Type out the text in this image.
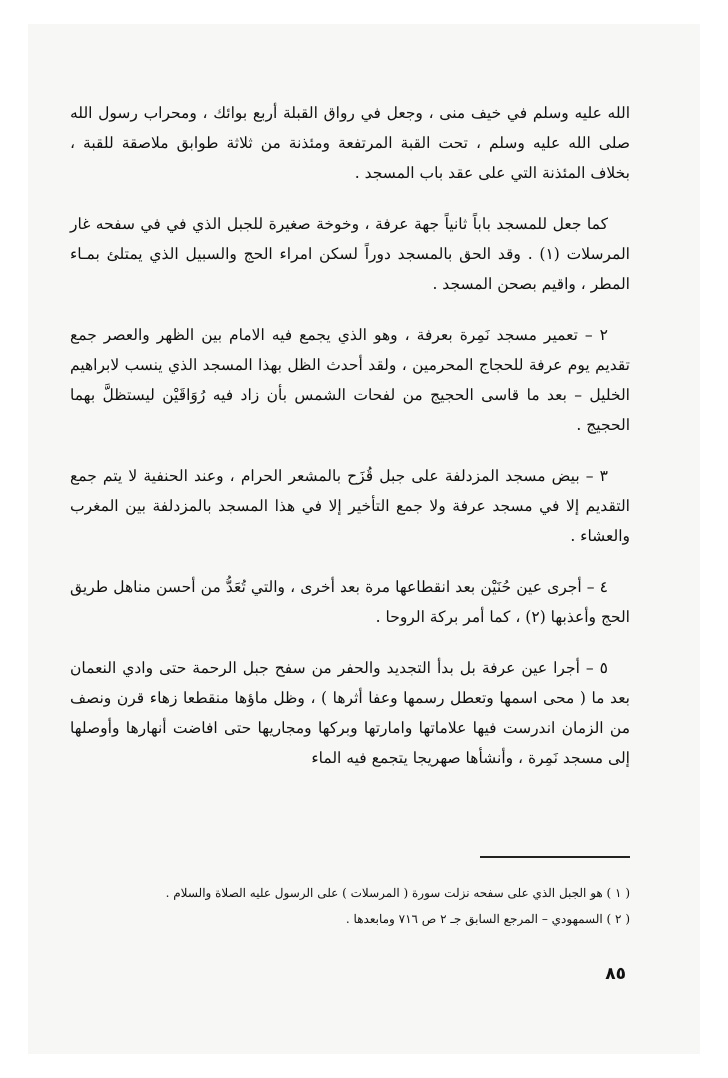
الله عليه وسلم في خيف منى ، وجعل في رواق القبلة أربع بوائك ، ومحراب رسول الله صلى الله عليه وسلم ، تحت القبة المرتفعة ومئذنة من ثلاثة طوابق ملاصقة للقبة ، بخلاف المئذنة التي على عقد باب المسجد .

كما جعل للمسجد باباً ثانياً جهة عرفة ، وخوخة صغيرة للجبل الذي في في سفحه غار المرسلات (١) . وقد الحق بالمسجد دوراً لسكن امراء الحج والسبيل الذي يمتلئ بمـاء المطر ، واقيم بصحن المسجد .

٢ – تعمير مسجد نَمِرة بعرفة ، وهو الذي يجمع فيه الامام بين الظهر والعصر جمع تقديم يوم عرفة للحجاج المحرمين ، ولقد أحدث الظل بهذا المسجد الذي ينسب لابراهيم الخليل – بعد ما قاسى الحجيج من لفحات الشمس بأن زاد فيه رُوَاقَيْن ليستظلَّ بهما الحجيج .

٣ – بيض مسجد المزدلفة على جبل قُزَح بالمشعر الحرام ، وعند الحنفية لا يتم جمع التقديم إلا في مسجد عرفة ولا جمع التأخير إلا في هذا المسجد بالمزدلفة بين المغرب والعشاء .

٤ – أجرى عين حُنَيْن بعد انقطاعها مرة بعد أخرى ، والتي تُعَدُّ من أحسن مناهل طريق الحج وأعذبها (٢) ، كما أمر بركة الروحا .

٥ – أجرا عين عرفة بل بدأ التجديد والحفر من سفح جبل الرحمة حتى وادي النعمان بعد ما ( محى اسمها وتعطل رسمها وعفا أثرها ) ، وظل ماؤها منقطعا زهاء قرن ونصف من الزمان اندرست فيها علاماتها وامارتها وبركها ومجاريها حتى افاضت أنهارها وأوصلها إلى مسجد نَمِرة ، وأنشأها صهريجا يتجمع فيه الماء

( ١ ) هو الجبل الذي على سفحه نزلت سورة ( المرسلات ) على الرسول عليه الصلاة والسلام .

( ٢ ) السمهودي – المرجع السابق جـ ٢ ص ٧١٦ ومابعدها .

٨٥
